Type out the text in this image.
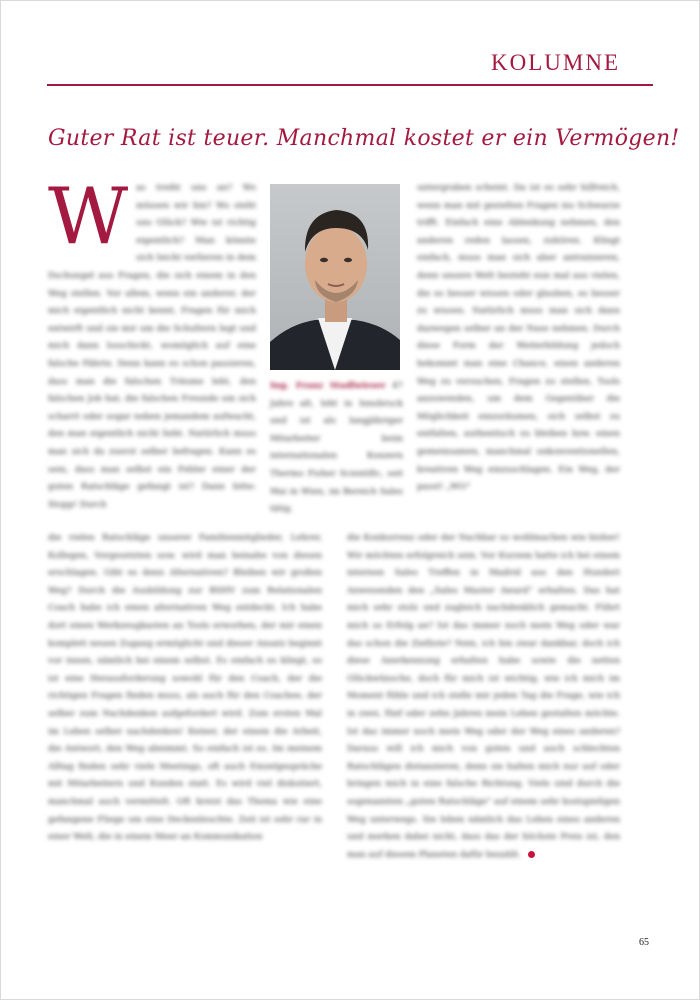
KOLUMNE
Guter Rat ist teuer. Manchmal kostet er ein Vermögen!
W as treibt uns an? Wo müssen wir hin? Wo steht uns Glück? Wie ist richtig eigentlich? Man könnte sich leicht verlieren in dem Dschungel aus Fragen, die sich einem in den Weg stellen. Vor allem, wenn ein anderer, der mich eigentlich nicht kennt, Fragen für mich entwirft und sie mir um die Schultern legt und mich dann losschickt, womöglich auf eine falsche Fährte. Denn kann es schon passieren, dass man die falschen Träume lebt, den falschen Job hat, die falschen Freunde um sich scharrt oder sogar neben jemandem aufwacht, den man eigentlich nicht liebt. Natürlich muss man sich da zuerst selber befragen. Kann es sein, dass man selbst ein Fehler einer der guten Ratschläge gefangt ist? Dann bitte: Stopp! Durch
Ing. Franz Stadlwieser 47 Jahre alt, lebt in Innsbruck und ist als langjähriger Mitarbeiter beim internationalen Konzern Thermo Fisher Scientific, seit Mai in Wien, im Bereich Sales tätig.
untergraben scheint. Da ist es sehr hilfreich, wenn man mit gezielten Fragen ins Schwarze trifft. Einfach eine Ablenkung nehmen, den anderen reden lassen, zuhören. Klingt einfach, muss man sich aber antrainieren, denn unsere Welt besteht nun mal aus vielen, die es besser wissen oder glauben, es besser zu wissen. Natürlich muss man sich dann dazwegen selber an der Nase nehmen. Durch diese Form der Weiterbildung jedoch bekommt man eine Chance, einen anderen Weg zu versuchen, Fragen zu stellen, Tools anzuwenden, um dem Gegenüber die Möglichkeit einzuräumen, sich selbst zu entfalten, authentisch zu bleiben bzw. einen gemeinsamen, manchmal unkonventionellen, kreativen Weg einzuschlagen. Ein Weg, der passt! „WO“
die vielen Ratschläge unserer Familienmitglieder, Lehrer, Kollegen, Vorgesetzten usw. wird man beinahe von diesen erschlagen. Gibt es denn Alternativen? Bleiben wir großen Weg? Durch die Ausbildung zur BSHV zum Relationalen Coach habe ich einen alternativen Weg entdeckt. Ich habe dort einen Werkzeugkasten an Tools erworben, der mir einen komplett neuen Zugang ermöglicht und dieser Ansatz beginnt vor innen, nämlich bei einem selbst. Es einfach es klingt, es ist eine Herausforderung sowohl für den Coach, der die richtigen Fragen finden muss, als auch für den Coachee, der selber zum Nachdenken aufgefordert wird. Zum ersten Mal im Leben selber nachdenken! Keiner, der einem die Arbeit, die Antwort, den Weg abnimmt. So einfach ist es. Im meinem Alltag finden sehr viele Meetings, oft auch Einzelgespräche mit Mitarbeitern und Kunden statt. Es wird viel diskutiert, manchmal auch vermittelt. Oft kreist das Thema wie eine gefangene Fliege um eine Deckenleuchte. Zeit ist sehr rar in einer Welt, die in einem Meer an Kommunikation
die Konkurrenz oder der Nachbar so wohlmachen wie bisher! Wir möchten erfolgreich sein. Vor Kurzem hatte ich bei einem internen Sales Treffen in Madrid aus den Hundert Anwesenden den „Sales Master Award“ erhalten. Das hat mich sehr stolz und zugleich nachdenklich gemacht. Führt mich so Erfolg an? Ist das immer noch mein Weg oder war das schon die Zielliste? Nein, ich bin zwar dankbar, doch ich diese Anerkennung erhalten habe sowie die netten Glückwünsche, doch für mich ist wichtig, wie ich mich im Moment fühle und ich stelle mir jeden Tag die Frage, wie ich in zwei, fünf oder zehn Jahren mein Leben gestalten möchte. Ist das immer noch mein Weg oder der Weg eines anderen? Daraus will ich mich von guten und auch schlechten Ratschlägen distanzieren, denn sie halten mich nur auf oder bringen mich in eine falsche Richtung. Viele sind durch die sogenannten „guten Ratschläge“ auf einem sehr kostspieligen Weg unterwegs. Sie leben nämlich das Leben eines anderen und merken dabei nicht, dass das der höchste Preis ist, den man auf diesem Planeten dafür bezahlt.
65
